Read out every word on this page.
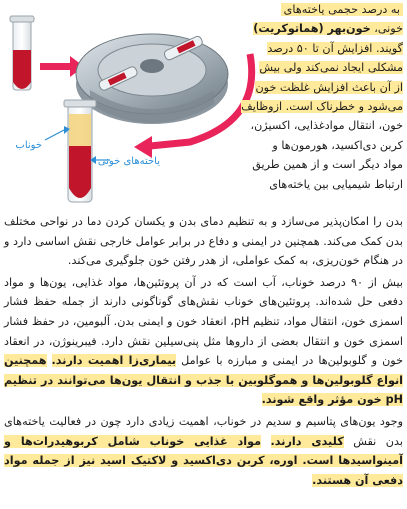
خوناب
یاخته‌های خونی
به درصد حجمی یاخته‌های
خونی، خون‌بهر (هماتوکریت)
گویند. افزایش آن تا ۵۰ درصد
مشکلی ایجاد نمی‌کند ولی بیش
از آن باعث افزایش غلظت خون
می‌شود و خطرناک است. ازوظایف
خون، انتقال موادغذایی، اکسیژن،
کربن دی‌اکسید، هورمون‌ها و
مواد دیگر است و از همین طریق
ارتباط شیمیایی بین یاخته‌های

بدن را امکان‌پذیر می‌سازد و به تنظیم دمای بدن و یکسان کردن دما در نواحی مختلف بدن کمک می‌کند. همچنین در ایمنی و دفاع در برابر عوامل خارجی نقش اساسی دارد و در هنگام خون‌ریزی، به کمک عواملی، از هدر رفتن خون جلوگیری می‌کند.

بیش از ۹۰ درصد خوناب، آب است که در آن پروتئین‌ها، مواد غذایی، یون‌ها و مواد دفعی حل شده‌اند. پروتئین‌های خوناب نقش‌های گوناگونی دارند از جمله حفظ فشار اسمزی خون، انتقال مواد، تنظیم pH، انعقاد خون و ایمنی بدن. آلبومین، در حفظ فشار اسمزی خون و انتقال بعضی از داروها مثل پنی‌سیلین نقش دارد. فیبرینوژن، در انعقاد خون و گلوبولین‌ها در ایمنی و مبارزه با عوامل بیماری‌زا اهمیت دارند. همچنین انواع گلوبولین‌ها و هموگلوبین با جذب و انتقال یون‌ها می‌توانند در تنظیم pH خون مؤثر واقع شوند.

وجود یون‌های پتاسیم و سدیم در خوناب، اهمیت زیادی دارد چون در فعالیت یاخته‌های بدن نقش کلیدی دارند. مواد غذایی خوناب شامل کربوهیدرات‌ها و آمینواسیدها است. اوره، کربن دی‌اکسید و لاکتیک اسید نیز از جمله مواد دفعی آن هستند.
